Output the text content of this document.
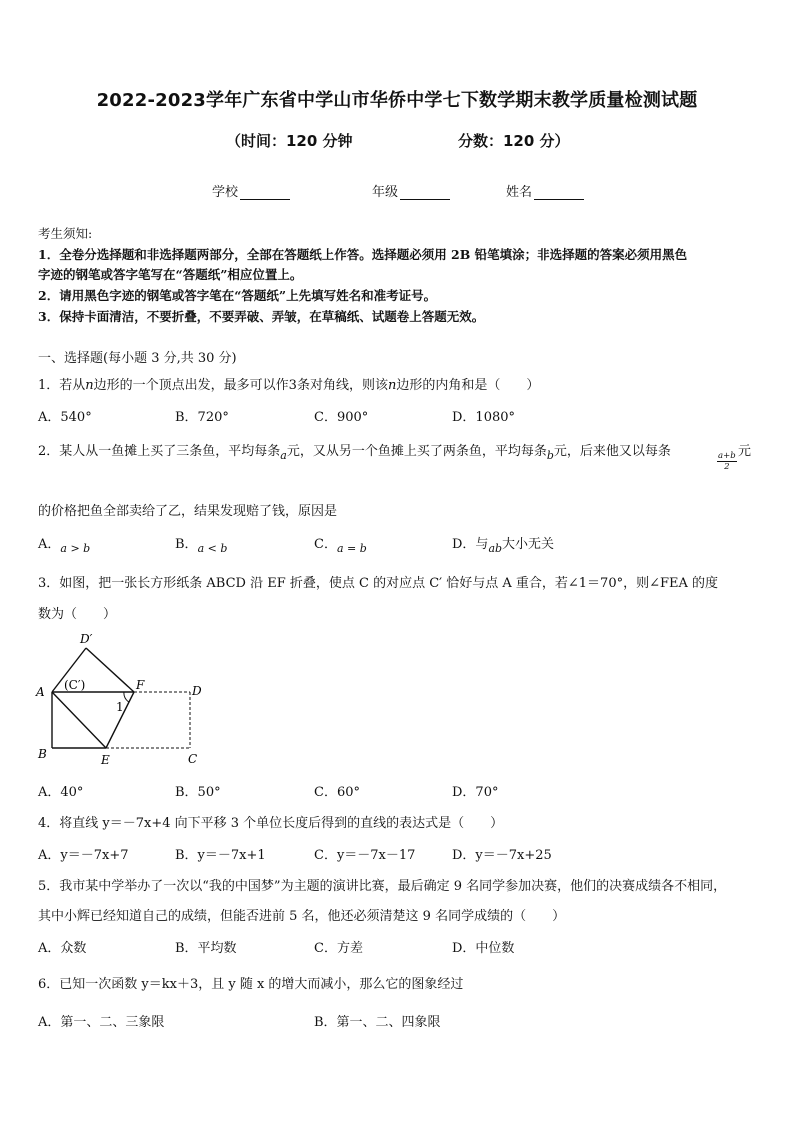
2022-2023学年广东省中学山市华侨中学七下数学期末教学质量检测试题
（时间：120 分钟	分数：120 分）
学校	年级	姓名
考生须知:
1．全卷分选择题和非选择题两部分，全部在答题纸上作答。选择题必须用 2B 铅笔填涂；非选择题的答案必须用黑色
字迹的钢笔或答字笔写在“答题纸”相应位置上。
2．请用黑色字迹的钢笔或答字笔在“答题纸”上先填写姓名和准考证号。
3．保持卡面清洁，不要折叠，不要弄破、弄皱，在草稿纸、试题卷上答题无效。
一、选择题(每小题 3 分,共 30 分)
1．若从n边形的一个顶点出发，最多可以作3条对角线，则该n边形的内角和是（　　）
A．540°	B．720°	C．900°	D．1080°
2．某人从一鱼摊上买了三条鱼，平均每条$_a$元，又从另一个鱼摊上买了两条鱼，平均每条$_b$元，后来他又以每条	$\frac{a+b}{2}$ 元
的价格把鱼全部卖给了乙，结果发现赔了钱，原因是
A．$_{a > b}$	B．$_{a < b}$	C．$_{a = b}$	D．与$_{ab}$大小无关
3．如图，把一张长方形纸条 ABCD 沿 EF 折叠，使点 C 的对应点 C′ 恰好与点 A 重合，若∠1＝70°，则∠FEA 的度
数为（　　）
D′
A (C′)	F	D
1
B	E	C
A．40°	B．50°	C．60°	D．70°
4．将直线 y＝－7x+4 向下平移 3 个单位长度后得到的直线的表达式是（　　）
A．y＝－7x+7	B．y＝－7x+1	C．y＝－7x－17	D．y＝－7x+25
5．我市某中学举办了一次以“我的中国梦”为主题的演讲比赛，最后确定 9 名同学参加决赛，他们的决赛成绩各不相同，
其中小辉已经知道自己的成绩，但能否进前 5 名，他还必须清楚这 9 名同学成绩的（　　）
A．众数	B．平均数	C．方差	D．中位数
6．已知一次函数 y＝kx＋3，且 y 随 x 的增大而减小，那么它的图象经过
A．第一、二、三象限	B．第一、二、四象限
